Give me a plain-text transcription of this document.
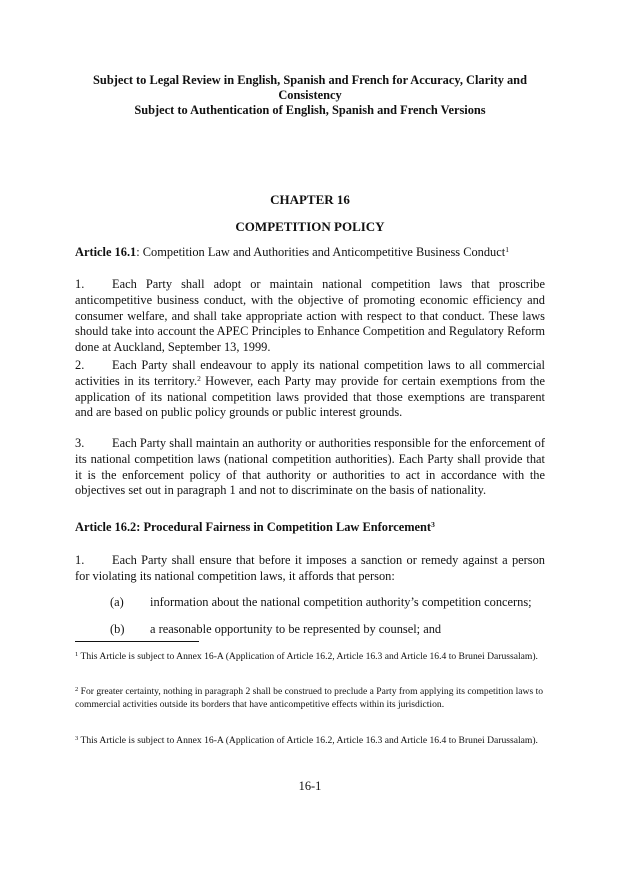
Subject to Legal Review in English, Spanish and French for Accuracy, Clarity and
Consistency
Subject to Authentication of English, Spanish and French Versions
CHAPTER 16
COMPETITION POLICY
Article 16.1: Competition Law and Authorities and Anticompetitive Business Conduct$^1$
1. Each Party shall adopt or maintain national competition laws that proscribe anticompetitive business conduct, with the objective of promoting economic efficiency and consumer welfare, and shall take appropriate action with respect to that conduct. These laws should take into account the APEC Principles to Enhance Competition and Regulatory Reform done at Auckland, September 13, 1999.
2. Each Party shall endeavour to apply its national competition laws to all commercial activities in its territory.$^2$ However, each Party may provide for certain exemptions from the application of its national competition laws provided that those exemptions are transparent and are based on public policy grounds or public interest grounds.
3. Each Party shall maintain an authority or authorities responsible for the enforcement of its national competition laws (national competition authorities). Each Party shall provide that it is the enforcement policy of that authority or authorities to act in accordance with the objectives set out in paragraph 1 and not to discriminate on the basis of nationality.
Article 16.2: Procedural Fairness in Competition Law Enforcement$^3$
1. Each Party shall ensure that before it imposes a sanction or remedy against a person for violating its national competition laws, it affords that person:
(a) information about the national competition authority’s competition concerns;
(b) a reasonable opportunity to be represented by counsel; and
$^1$ This Article is subject to Annex 16-A (Application of Article 16.2, Article 16.3 and Article 16.4 to Brunei Darussalam).
$^2$ For greater certainty, nothing in paragraph 2 shall be construed to preclude a Party from applying its competition laws to commercial activities outside its borders that have anticompetitive effects within its jurisdiction.
$^3$ This Article is subject to Annex 16-A (Application of Article 16.2, Article 16.3 and Article 16.4 to Brunei Darussalam).
16-1
